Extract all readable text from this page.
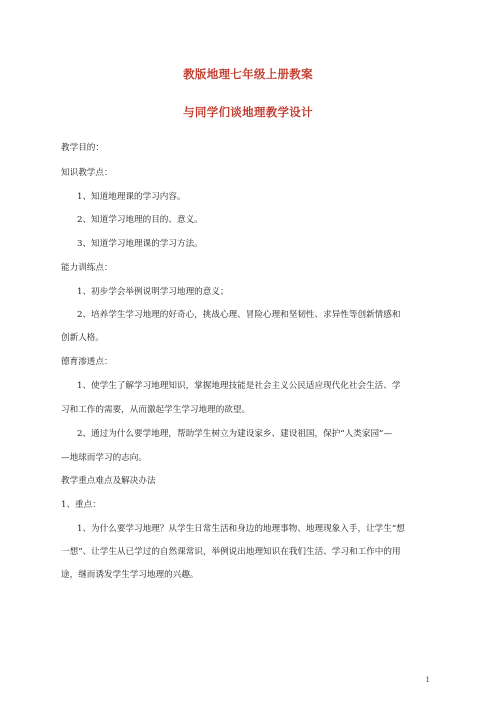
教版地理七年级上册教案
与同学们谈地理教学设计
教学目的：
知识教学点：
1、知道地理课的学习内容。
2、知道学习地理的目的、意义。
3、知道学习地理课的学习方法。
能力训练点：
1、初步学会举例说明学习地理的意义；
2、培养学生学习地理的好奇心，挑战心理、冒险心理和坚韧性、求异性等创新情感和
创新人格。
德育渗透点：
1、使学生了解学习地理知识，掌握地理技能是社会主义公民适应现代化社会生活、学
习和工作的需要，从而激起学生学习地理的欲望。
2、通过为什么要学地理，帮助学生树立为建设家乡、建设祖国，保护“人类家园”—
—地球而学习的志向。
教学重点难点及解决办法
1、重点：
1、为什么要学习地理？从学生日常生活和身边的地理事物、地理现象入手，让学生“想
一想”、让学生从已学过的自然课常识，举例说出地理知识在我们生活、学习和工作中的用
途，继而诱发学生学习地理的兴趣。
1
